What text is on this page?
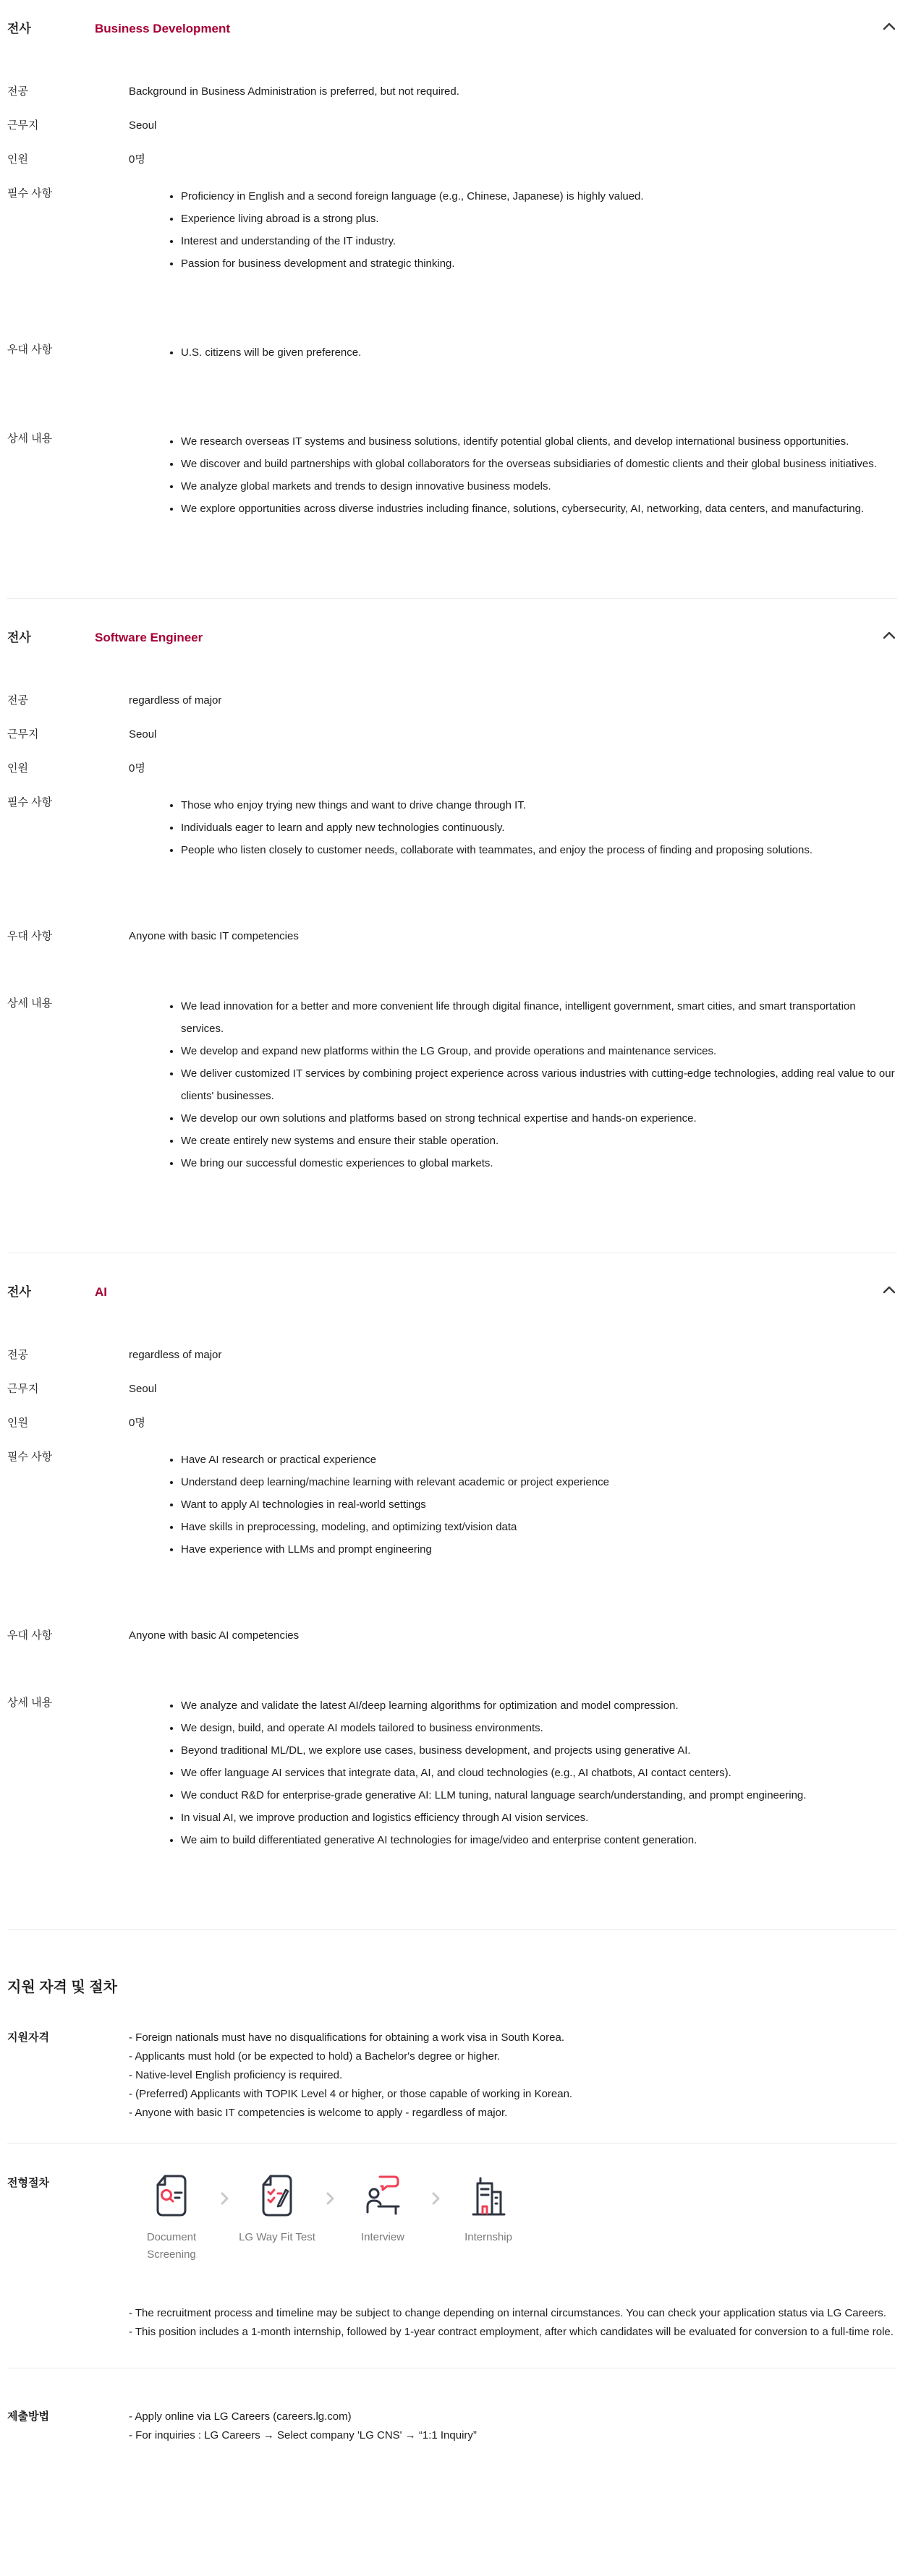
전사	Business Development
전공	Background in Business Administration is preferred, but not required.
근무지	Seoul
인원	0명
필수 사항	• Proficiency in English and a second foreign language (e.g., Chinese, Japanese) is highly valued.
• Experience living abroad is a strong plus.
• Interest and understanding of the IT industry.
• Passion for business development and strategic thinking.
우대 사항	• U.S. citizens will be given preference.
상세 내용	• We research overseas IT systems and business solutions, identify potential global clients, and develop international business opportunities.
• We discover and build partnerships with global collaborators for the overseas subsidiaries of domestic clients and their global business initiatives.
• We analyze global markets and trends to design innovative business models.
• We explore opportunities across diverse industries including finance, solutions, cybersecurity, AI, networking, data centers, and manufacturing.
전사	Software Engineer
전공	regardless of major
근무지	Seoul
인원	0명
필수 사항	• Those who enjoy trying new things and want to drive change through IT.
• Individuals eager to learn and apply new technologies continuously.
• People who listen closely to customer needs, collaborate with teammates, and enjoy the process of finding and proposing solutions.
우대 사항	Anyone with basic IT competencies
상세 내용	• We lead innovation for a better and more convenient life through digital finance, intelligent government, smart cities, and smart transportation services.
• We develop and expand new platforms within the LG Group, and provide operations and maintenance services.
• We deliver customized IT services by combining project experience across various industries with cutting-edge technologies, adding real value to our clients' businesses.
• We develop our own solutions and platforms based on strong technical expertise and hands-on experience.
• We create entirely new systems and ensure their stable operation.
• We bring our successful domestic experiences to global markets.
전사	AI
전공	regardless of major
근무지	Seoul
인원	0명
필수 사항	• Have AI research or practical experience
• Understand deep learning/machine learning with relevant academic or project experience
• Want to apply AI technologies in real-world settings
• Have skills in preprocessing, modeling, and optimizing text/vision data
• Have experience with LLMs and prompt engineering
우대 사항	Anyone with basic AI competencies
상세 내용	• We analyze and validate the latest AI/deep learning algorithms for optimization and model compression.
• We design, build, and operate AI models tailored to business environments.
• Beyond traditional ML/DL, we explore use cases, business development, and projects using generative AI.
• We offer language AI services that integrate data, AI, and cloud technologies (e.g., AI chatbots, AI contact centers).
• We conduct R&D for enterprise-grade generative AI: LLM tuning, natural language search/understanding, and prompt engineering.
• In visual AI, we improve production and logistics efficiency through AI vision services.
• We aim to build differentiated generative AI technologies for image/video and enterprise content generation.
지원 자격 및 절차
지원자격	- Foreign nationals must have no disqualifications for obtaining a work visa in South Korea.
- Applicants must hold (or be expected to hold) a Bachelor's degree or higher.
- Native-level English proficiency is required.
- (Preferred) Applicants with TOPIK Level 4 or higher, or those capable of working in Korean.
- Anyone with basic IT competencies is welcome to apply - regardless of major.
전형절차
Document Screening
LG Way Fit Test	Interview	Internship
- The recruitment process and timeline may be subject to change depending on internal circumstances. You can check your application status via LG Careers.
- This position includes a 1-month internship, followed by 1-year contract employment, after which candidates will be evaluated for conversion to a full-time role.
제출방법	- Apply online via LG Careers (careers.lg.com)
- For inquiries : LG Careers → Select company 'LG CNS' → “1:1 Inquiry”
